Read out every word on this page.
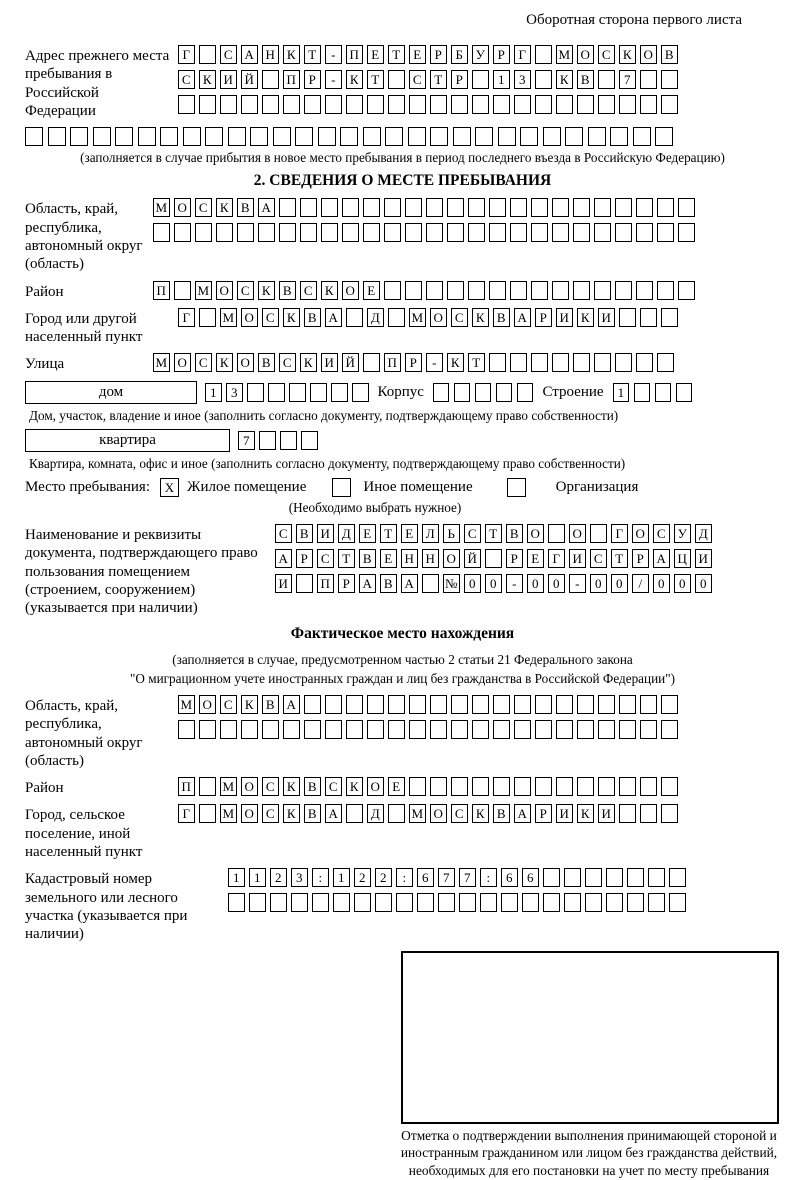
Оборотная сторона первого листа
Адрес прежнего места пребывания в Российской Федерации
Г	С А Н К Т	-	П Е	Т	Е	Р	Б У Р	Г	М О С К О В
С К И Й	П Р	-	К Т	С Т	Р	1	3	К В	7
(заполняется в случае прибытия в новое место пребывания в период последнего въезда в Российскую Федерацию)
2. СВЕДЕНИЯ О МЕСТЕ ПРЕБЫВАНИЯ
Область, край, республика, автономный округ (область)
М О С К В А
Район	П М О С К В С К О Е
Город или другой населенный пункт
Г	М О С К В А	Д М О С К В А Р И К И
Улица	М О С К О В С К И Й	П Р	-	К Т
дом	1	3	Корпус	Строение	1
Дом, участок, владение и иное (заполнить согласно документу, подтверждающему право собственности)
квартира	7
Квартира, комната, офис и иное (заполнить согласно документу, подтверждающему право собственности)
Место пребывания:	X Жилое помещение	Иное помещение	Организация
(Необходимо выбрать нужное)
Наименование и реквизиты документа, подтверждающего право пользования помещением (строением, сооружением) (указывается при наличии)
С В И Д Е	Т	Е Л Ь С Т В О	О	Г О С У Д
А Р	С Т В Е Н Н О Й	Р	Е	Г И С Т	Р А Ц И
И	П Р А В А № 0	0	-	0	0	-	0	0	/	0	0	0
Фактическое место нахождения
(заполняется в случае, предусмотренном частью 2 статьи 21 Федерального закона
"О миграционном учете иностранных граждан и лиц без гражданства в Российской Федерации")
Область, край, республика, автономный округ (область)
М О С К В А
Район	П М О С К В С К О Е
Город, сельское поселение, иной населенный пункт
Г	М О С К В А	Д М О С К В А Р И К И
Кадастровый номер земельного или лесного участка (указывается при наличии)
1	1	2	3	:	1	2	2	:	6	7	7	:	6	6
Отметка о подтверждении выполнения принимающей стороной и иностранным гражданином или лицом без гражданства действий, необходимых для его постановки на учет по месту пребывания
